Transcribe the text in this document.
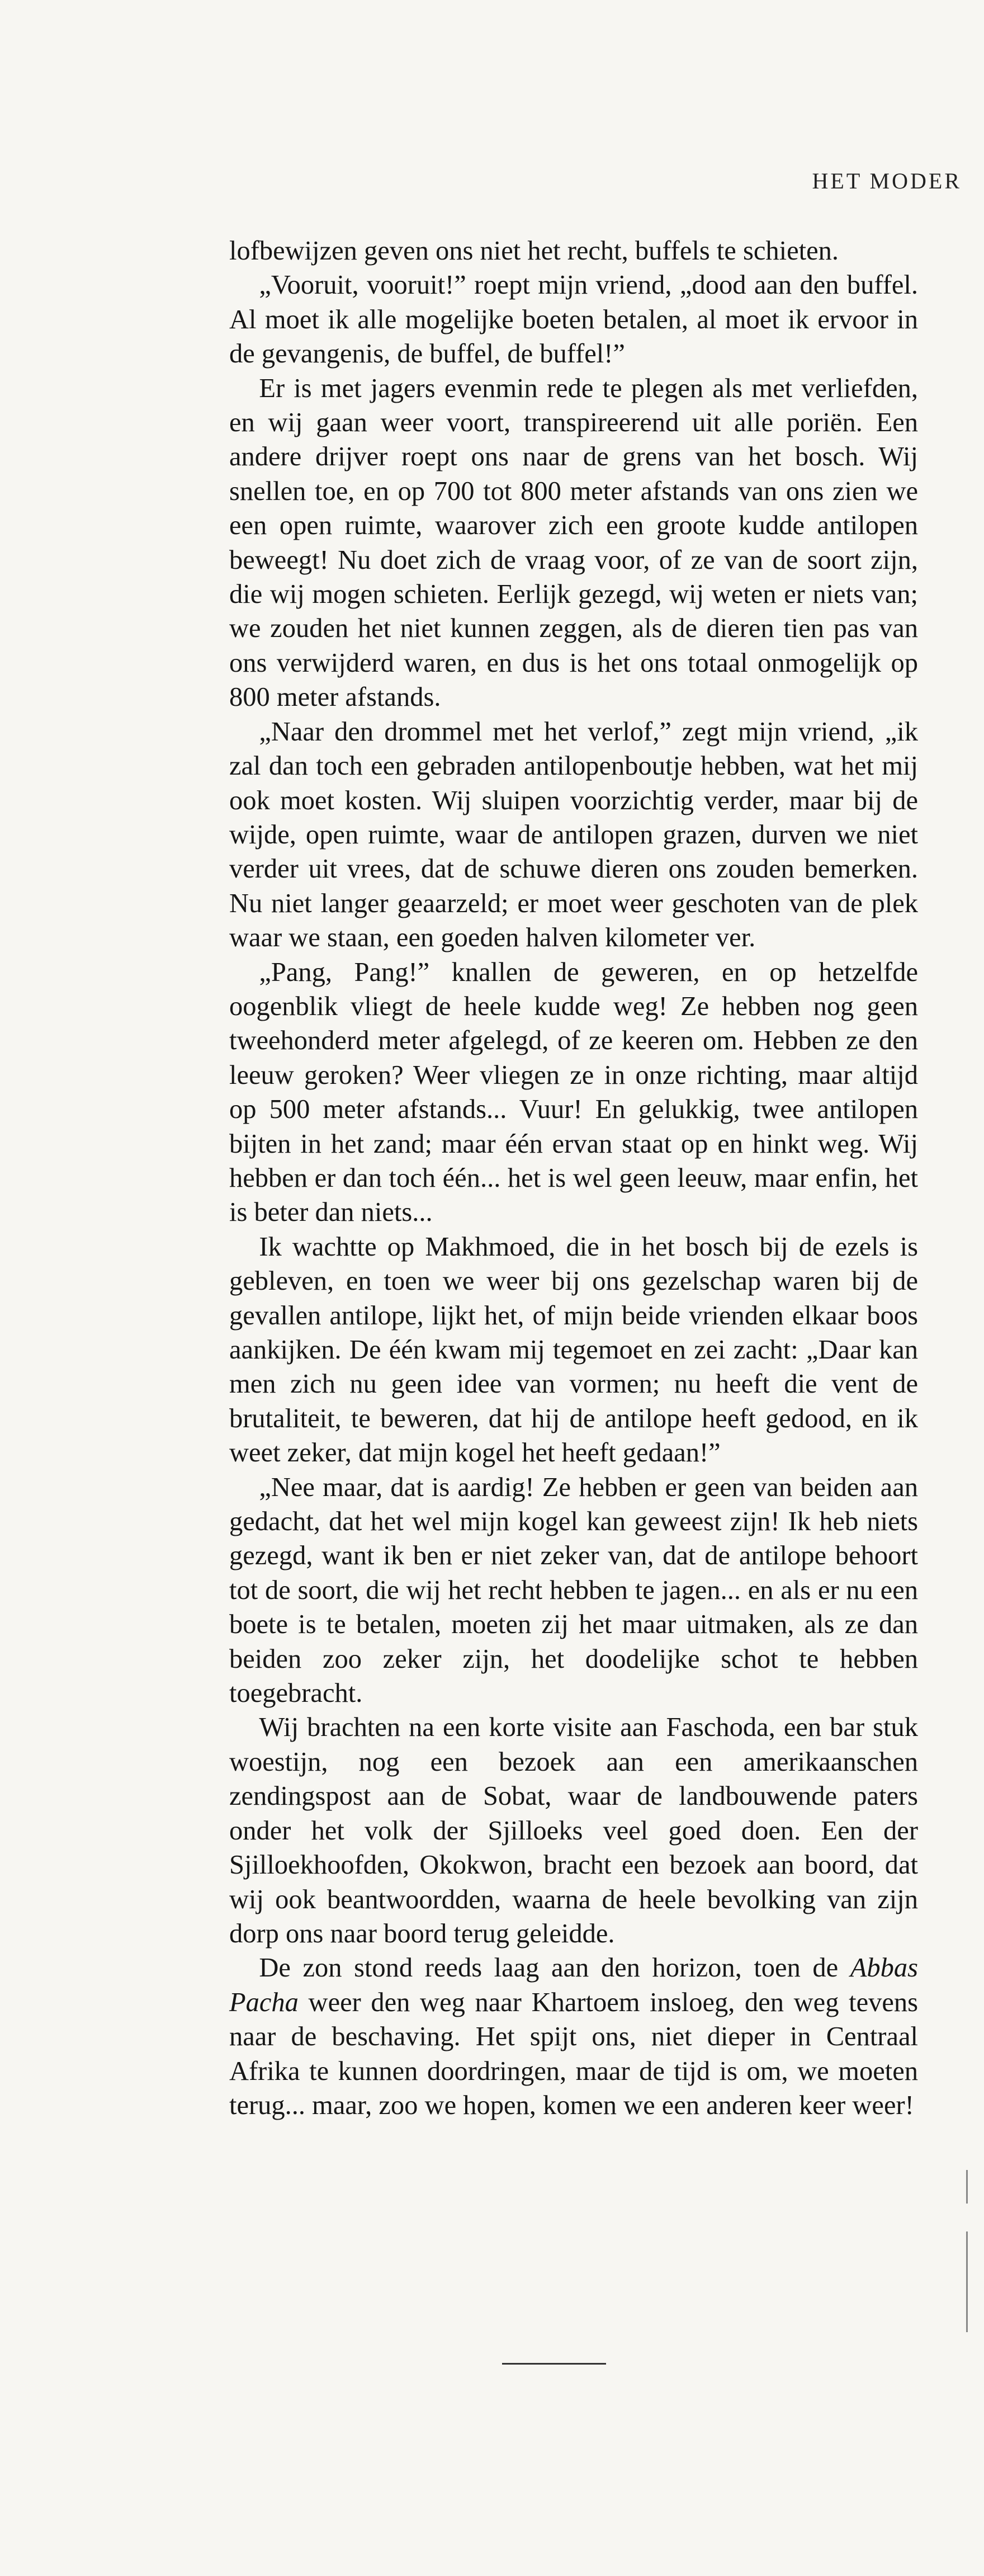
HET MODER

lofbewijzen geven ons niet het recht, buffels te schieten.

„Vooruit, vooruit!” roept mijn vriend, „dood aan den buffel. Al moet ik alle mogelijke boeten betalen, al moet ik ervoor in de gevangenis, de buffel, de buffel!”

Er is met jagers evenmin rede te plegen als met verliefden, en wij gaan weer voort, transpireerend uit alle poriën. Een andere drijver roept ons naar de grens van het bosch. Wij snellen toe, en op 700 tot 800 meter afstands van ons zien we een open ruimte, waarover zich een groote kudde antilopen beweegt! Nu doet zich de vraag voor, of ze van de soort zijn, die wij mogen schieten. Eerlijk gezegd, wij weten er niets van; we zouden het niet kunnen zeggen, als de dieren tien pas van ons verwijderd waren, en dus is het ons totaal onmogelijk op 800 meter afstands.

„Naar den drommel met het verlof,” zegt mijn vriend, „ik zal dan toch een gebraden antilopenboutje hebben, wat het mij ook moet kosten. Wij sluipen voorzichtig verder, maar bij de wijde, open ruimte, waar de antilopen grazen, durven we niet verder uit vrees, dat de schuwe dieren ons zouden bemerken. Nu niet langer geaarzeld; er moet weer geschoten van de plek waar we staan, een goeden halven kilometer ver.

„Pang, Pang!” knallen de geweren, en op hetzelfde oogenblik vliegt de heele kudde weg! Ze hebben nog geen tweehonderd meter afgelegd, of ze keeren om. Hebben ze den leeuw geroken? Weer vliegen ze in onze richting, maar altijd op 500 meter afstands... Vuur! En gelukkig, twee antilopen bijten in het zand; maar één ervan staat op en hinkt weg. Wij hebben er dan toch één... het is wel geen leeuw, maar enfin, het is beter dan niets...

Ik wachtte op Makhmoed, die in het bosch bij de ezels is gebleven, en toen we weer bij ons gezelschap waren bij de gevallen antilope, lijkt het, of mijn beide vrienden elkaar boos aankijken. De één kwam mij tegemoet en zei zacht: „Daar kan men zich nu geen idee van vormen; nu heeft die vent de brutaliteit, te beweren, dat hij de antilope heeft gedood, en ik weet zeker, dat mijn kogel het heeft gedaan!”

„Nee maar, dat is aardig! Ze hebben er geen van beiden aan gedacht, dat het wel mijn kogel kan geweest zijn! Ik heb niets gezegd, want ik ben er niet zeker van, dat de antilope behoort tot de soort, die wij het recht hebben te jagen... en als er nu een boete is te betalen, moeten zij het maar uitmaken, als ze dan beiden zoo zeker zijn, het doodelijke schot te hebben toegebracht.

Wij brachten na een korte visite aan Faschoda, een bar stuk woestijn, nog een bezoek aan een amerikaanschen zendingspost aan de Sobat, waar de landbouwende paters onder het volk der Sjilloeks veel goed doen. Een der Sjilloekhoofden, Okokwon, bracht een bezoek aan boord, dat wij ook beantwoordden, waarna de heele bevolking van zijn dorp ons naar boord terug geleidde.

De zon stond reeds laag aan den horizon, toen de Abbas Pacha weer den weg naar Khartoem insloeg, den weg tevens naar de beschaving. Het spijt ons, niet dieper in Centraal Afrika te kunnen doordringen, maar de tijd is om, we moeten terug... maar, zoo we hopen, komen we een anderen keer weer!
